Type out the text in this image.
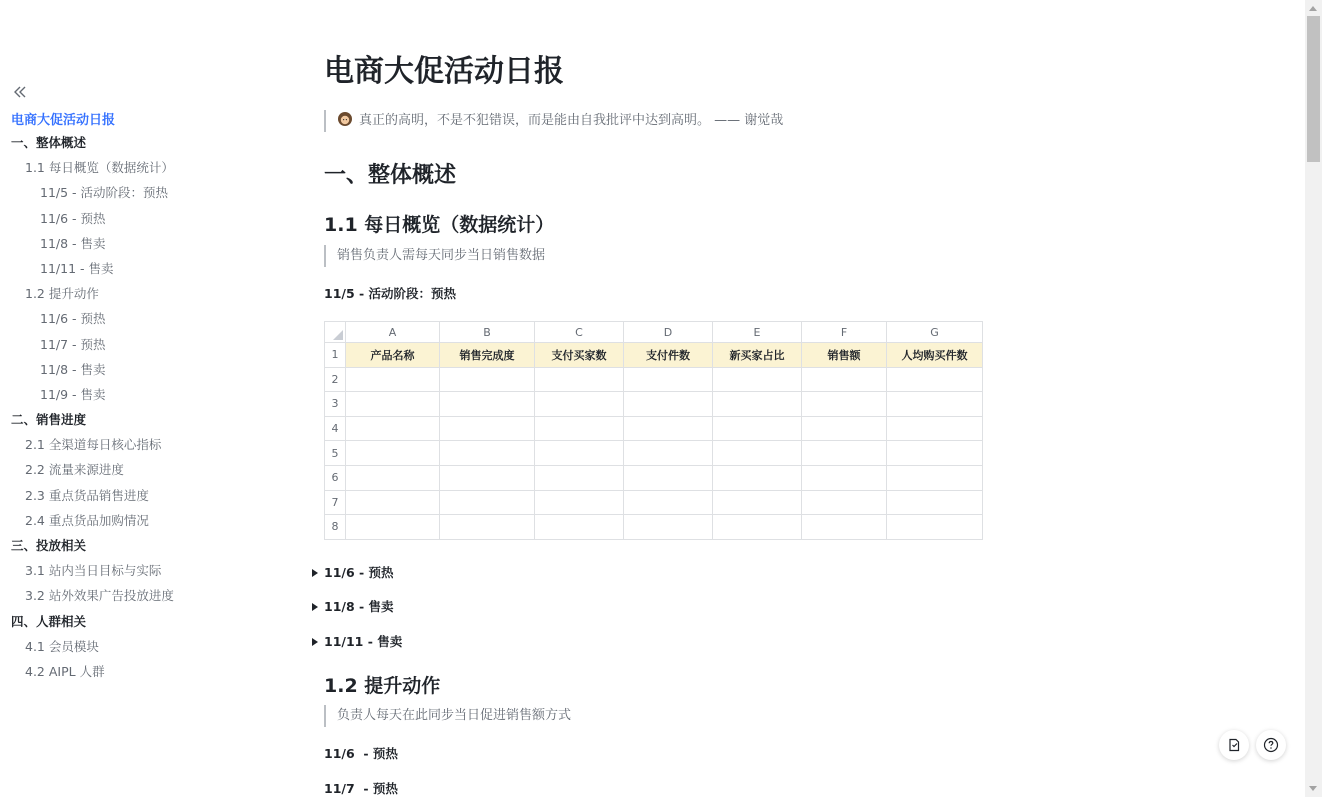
电商大促活动日报
一、整体概述
1.1 每日概览（数据统计）
11/5 - 活动阶段：预热
11/6 - 预热
11/8 - 售卖
11/11 - 售卖
1.2 提升动作
11/6 - 预热
11/7 - 预热
11/8 - 售卖
11/9 - 售卖
二、销售进度
2.1 全渠道每日核心指标
2.2 流量来源进度
2.3 重点货品销售进度
2.4 重点货品加购情况
三、投放相关
3.1 站内当日目标与实际
3.2 站外效果广告投放进度
四、人群相关
4.1 会员模块
4.2 AIPL 人群
电商大促活动日报
真正的高明，不是不犯错误，而是能由自我批评中达到高明。 —— 谢觉哉
一、整体概述
1.1 每日概览（数据统计）
销售负责人需每天同步当日销售数据
11/5 - 活动阶段：预热
	A	B	C	D	E	F	G
1	产品名称	销售完成度	支付买家数	支付件数	新买家占比	销售额	人均购买件数
2							
3							
4							
5							
6							
7							
8							
11/6 - 预热
11/8 - 售卖
11/11 - 售卖
1.2 提升动作
负责人每天在此同步当日促进销售额方式
11/6  - 预热
11/7  - 预热
